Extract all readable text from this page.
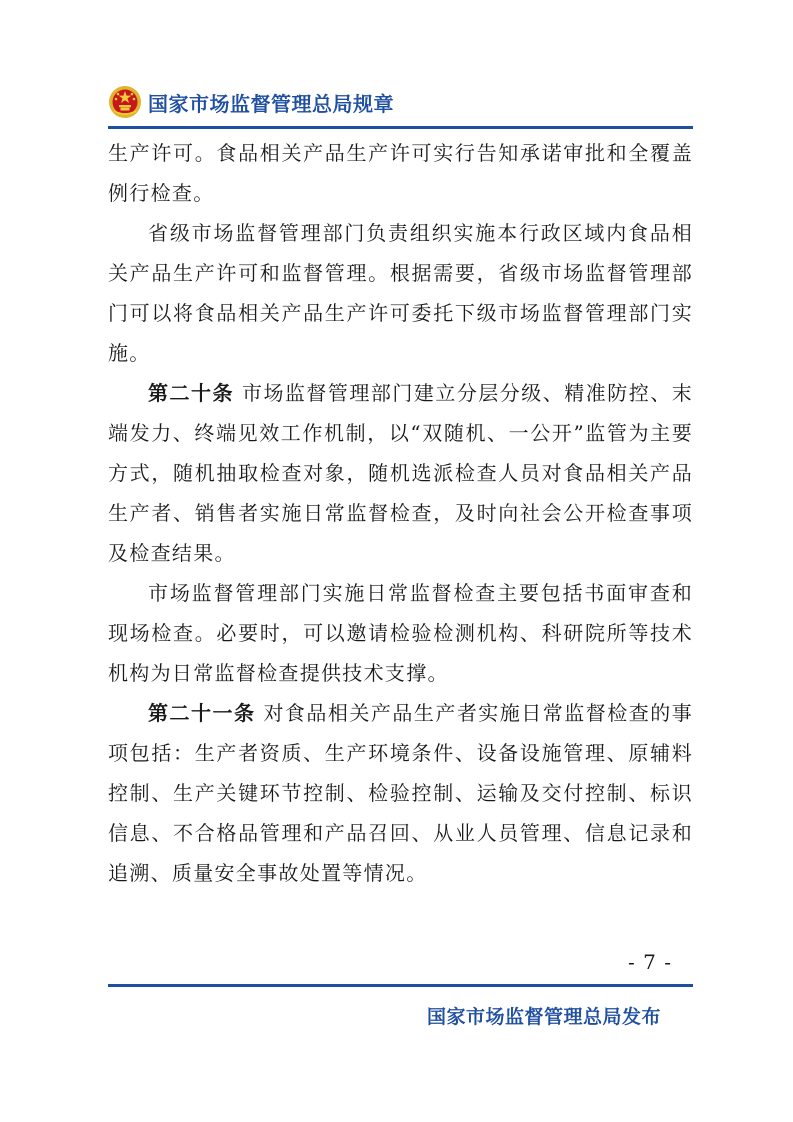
国家市场监督管理总局规章

生产许可。食品相关产品生产许可实行告知承诺审批和全覆盖例行检查。

省级市场监督管理部门负责组织实施本行政区域内食品相关产品生产许可和监督管理。根据需要，省级市场监督管理部门可以将食品相关产品生产许可委托下级市场监督管理部门实施。

第二十条 市场监督管理部门建立分层分级、精准防控、末端发力、终端见效工作机制，以“双随机、一公开”监管为主要方式，随机抽取检查对象，随机选派检查人员对食品相关产品生产者、销售者实施日常监督检查，及时向社会公开检查事项及检查结果。

市场监督管理部门实施日常监督检查主要包括书面审查和现场检查。必要时，可以邀请检验检测机构、科研院所等技术机构为日常监督检查提供技术支撑。

第二十一条 对食品相关产品生产者实施日常监督检查的事项包括：生产者资质、生产环境条件、设备设施管理、原辅料控制、生产关键环节控制、检验控制、运输及交付控制、标识信息、不合格品管理和产品召回、从业人员管理、信息记录和追溯、质量安全事故处置等情况。

- 7 -
国家市场监督管理总局发布
